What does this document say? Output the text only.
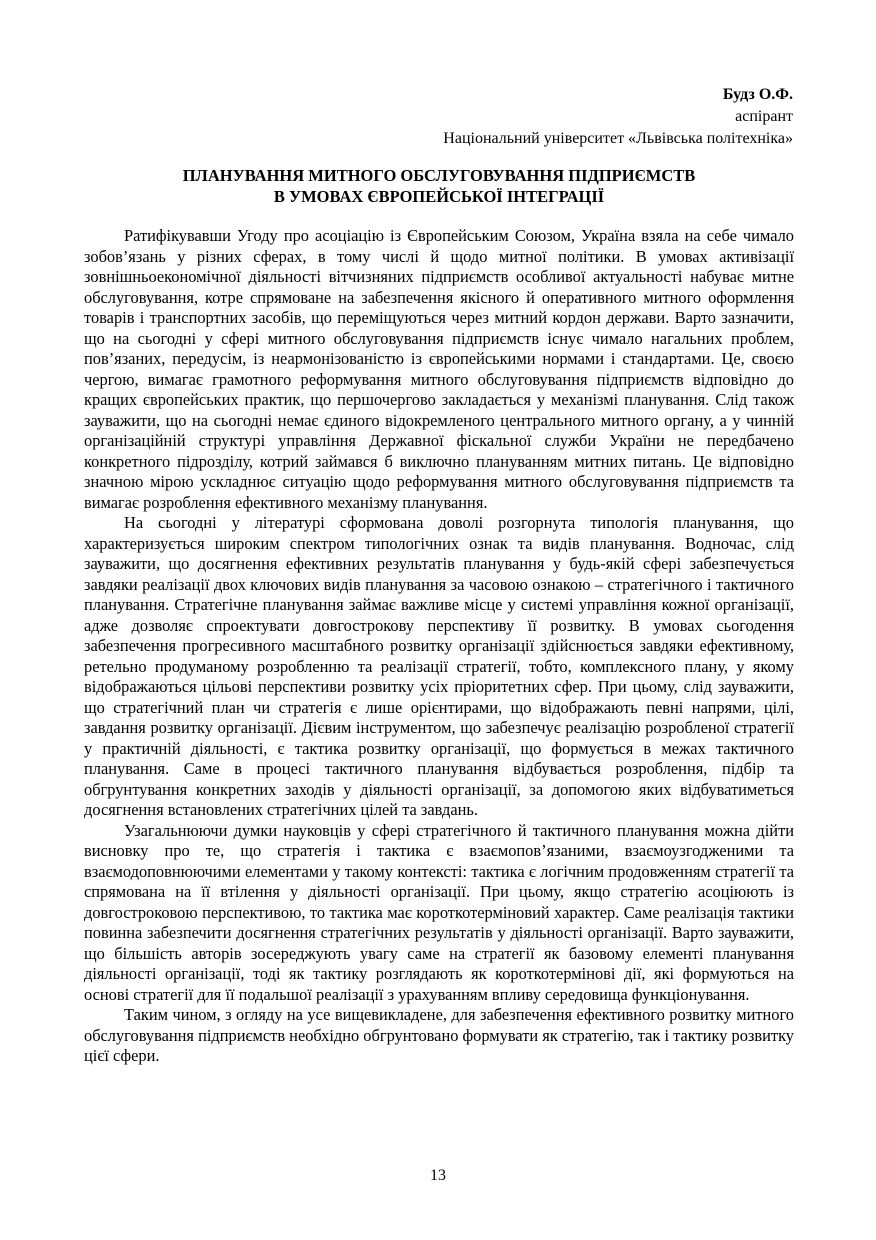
Будз О.Ф.
аспірант
Національний університет «Львівська політехніка»
ПЛАНУВАННЯ МИТНОГО ОБСЛУГОВУВАННЯ ПІДПРИЄМСТВ
В УМОВАХ ЄВРОПЕЙСЬКОЇ ІНТЕГРАЦІЇ

Ратифікувавши Угоду про асоціацію із Європейським Союзом, Україна взяла на себе чимало зобов’язань у різних сферах, в тому числі й щодо митної політики. В умовах активізації зовнішньоекономічної діяльності вітчизняних підприємств особливої актуальності набуває митне обслуговування, котре спрямоване на забезпечення якісного й оперативного митного оформлення товарів і транспортних засобів, що переміщуються через митний кордон держави. Варто зазначити, що на сьогодні у сфері митного обслуговування підприємств існує чимало нагальних проблем, пов’язаних, передусім, із неармонізованістю із європейськими нормами і стандартами. Це, своєю чергою, вимагає грамотного реформування митного обслуговування підприємств відповідно до кращих європейських практик, що першочергово закладається у механізмі планування. Слід також зауважити, що на сьогодні немає єдиного відокремленого центрального митного органу, а у чинній організаційній структурі управління Державної фіскальної служби України не передбачено конкретного підрозділу, котрий займався б виключно плануванням митних питань. Це відповідно значною мірою ускладнює ситуацію щодо реформування митного обслуговування підприємств та вимагає розроблення ефективного механізму планування.

На сьогодні у літературі сформована доволі розгорнута типологія планування, що характеризується широким спектром типологічних ознак та видів планування. Водночас, слід зауважити, що досягнення ефективних результатів планування у будь-якій сфері забезпечується завдяки реалізації двох ключових видів планування за часовою ознакою – стратегічного і тактичного планування. Стратегічне планування займає важливе місце у системі управління кожної організації, адже дозволяє спроектувати довгострокову перспективу її розвитку. В умовах сьогодення забезпечення прогресивного масштабного розвитку організації здійснюється завдяки ефективному, ретельно продуманому розробленню та реалізації стратегії, тобто, комплексного плану, у якому відображаються цільові перспективи розвитку усіх пріоритетних сфер. При цьому, слід зауважити, що стратегічний план чи стратегія є лише орієнтирами, що відображають певні напрями, цілі, завдання розвитку організації. Дієвим інструментом, що забезпечує реалізацію розробленої стратегії у практичній діяльності, є тактика розвитку організації, що формується в межах тактичного планування. Саме в процесі тактичного планування відбувається розроблення, підбір та обгрунтування конкретних заходів у діяльності організації, за допомогою яких відбуватиметься досягнення встановлених стратегічних цілей та завдань.

Узагальнюючи думки науковців у сфері стратегічного й тактичного планування можна дійти висновку про те, що стратегія і тактика є взаємопов’язаними, взаємоузгодженими та взаємодоповнюючими елементами у такому контексті: тактика є логічним продовженням стратегії та спрямована на її втілення у діяльності організації. При цьому, якщо стратегію асоціюють із довгостроковою перспективою, то тактика має короткотерміновий характер. Саме реалізація тактики повинна забезпечити досягнення стратегічних результатів у діяльності організації. Варто зауважити, що більшість авторів зосереджують увагу саме на стратегії як базовому елементі планування діяльності організації, тоді як тактику розглядають як короткотермінові дії, які формуються на основі стратегії для її подальшої реалізації з урахуванням впливу середовища функціонування.

Таким чином, з огляду на усе вищевикладене, для забезпечення ефективного розвитку митного обслуговування підприємств необхідно обгрунтовано формувати як стратегію, так і тактику розвитку цієї сфери.

13
